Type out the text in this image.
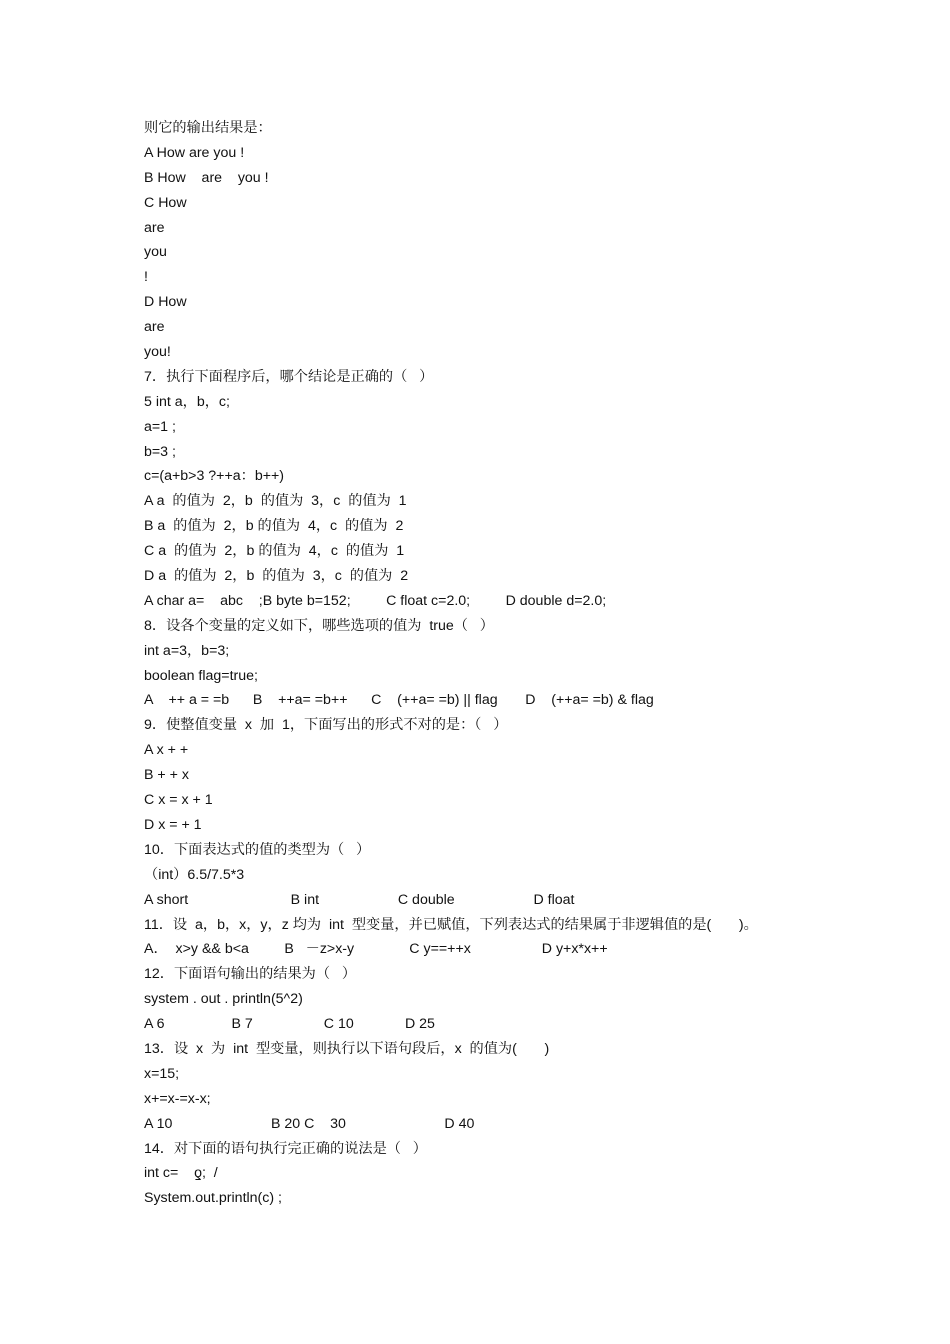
则它的输出结果是：
A How are you !
B How    are    you !
C How
are
you
!
D How
are
you!
7．执行下面程序后，哪个结论是正确的（   ）
5 int a，b，c;
a=1 ;
b=3 ;
c=(a+b>3 ?++a：b++)
A a  的值为  2，b  的值为  3，c  的值为  1
B a  的值为  2，b 的值为  4，c  的值为  2
C a  的值为  2，b 的值为  4，c  的值为  1
D a  的值为  2，b  的值为  3，c  的值为  2
A char a=    abc    ;B byte b=152;         C float c=2.0;         D double d=2.0;
8．设各个变量的定义如下，哪些选项的值为  true（   ）
int a=3，b=3;
boolean flag=true;
A    ++ a = =b      B    ++a= =b++      C    (++a= =b) || flag       D    (++a= =b) & flag
9．使整值变量  x  加  1，下面写出的形式不对的是：（   ）
A x + +
B + + x
C x = x + 1
D x = + 1
10．下面表达式的值的类型为（   ）
（int）6.5/7.5*3
A short                          B int                    C double                    D float
11．设  a，b，x，y，z 均为  int  型变量，并已赋值，下列表达式的结果属于非逻辑值的是(       )。
A．  x>y && b<a         B   －z>x-y              C y==++x                  D y+x*x++
12．下面语句输出的结果为（   ）
system . out . println(5^2)
A 6                 B 7                  C 10             D 25
13．设  x  为  int  型变量，则执行以下语句段后，x  的值为(       )
x=15;
x+=x-=x-x;
A 10                         B 20 C    30                         D 40
14．对下面的语句执行完正确的说法是（   ）
int c=    ƍ;  /
System.out.println(c) ;
